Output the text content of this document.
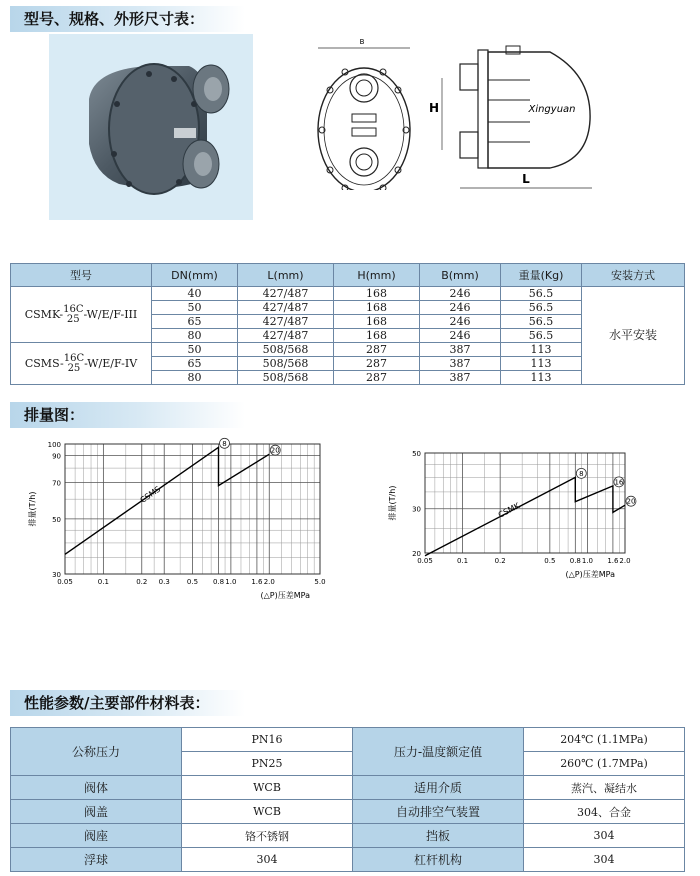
型号、规格、外形尺寸表：
B
H	Xingyuan
L
型号	DN(mm)	L(mm)	H(mm)	B(mm)	重量(Kg)	安装方式
CSMK- 16C
25 -W/E/F-III	40	427/487	168	246	56.5	水平安装
	50	427/487	168	246	56.5	
	65	427/487	168	246	56.5	
	80	427/487	168	246	56.5	
CSMS- 16C
25 -W/E/F-IV	50	508/568	287	387	113	
	65	508/568	287	387	113	
	80	508/568	287	387	113	
排量图：
0.05	0.1	0.2 0.3 0.5 0.8 1.0 1.6 2.0	5.0
30
50
70
90
100
CSMS
8
20
排量(T/h)
(△P)压差MPa
0.05	0.1	0.2	0.5 0.8 1.0 1.6 2.0
20
30
50
CSMK
8
16
20
排量(T/h)
(△P)压差MPa
性能参数/主要部件材料表：
公称压力	PN16	压力-温度额定值	204℃ (1.1MPa)
	PN25		260℃ (1.7MPa)
阀体	WCB	适用介质	蒸汽、凝结水
阀盖	WCB	自动排空气装置	304、合金
阀座	铬不锈钢	挡板	304
浮球	304	杠杆机构	304
